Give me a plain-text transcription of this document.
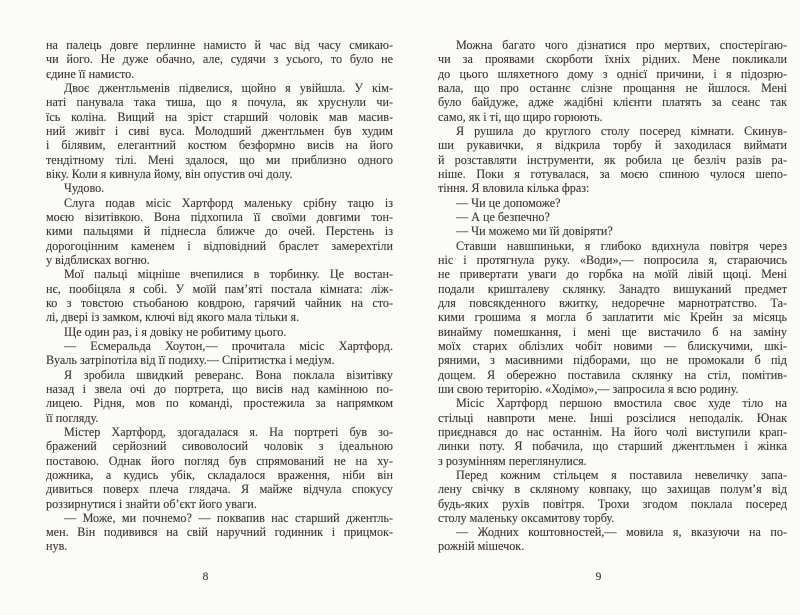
на палець довге перлинне намисто й час від часу смикаю-
чи його. Не дуже обачно, але, судячи з усього, то було не
єдине її намисто.
Двоє джентльменів підвелися, щойно я увійшла. У кім-
наті панувала така тиша, що я почула, як хруснули чи-
їсь коліна. Вищий на зріст старший чоловік мав масив-
ний живіт і сиві вуса. Молодший джентльмен був худим
і білявим, елегантний костюм безформно висів на його
тендітному тілі. Мені здалося, що ми приблизно одного
віку. Коли я кивнула йому, він опустив очі долу.
Чудово.
Слуга подав місіс Хартфорд маленьку срібну тацю із
моєю візитівкою. Вона підхопила її своїми довгими тон-
кими пальцями й піднесла ближче до очей. Перстень із
дорогоцінним каменем і відповідний браслет замерехтіли
у відблисках вогню.
Мої пальці міцніше вчепилися в торбинку. Це востан-
нє, пообіцяла я собі. У моїй пам’яті постала кімната: ліж-
ко з товстою стьобаною ковдрою, гарячий чайник на сто-
лі, двері із замком, ключі від якого мала тільки я.
Ще один раз, і я довіку не робитиму цього.
— Есмеральда Хоутон,— прочитала місіс Хартфорд.
Вуаль затріпотіла від її подиху.— Спіритистка і медіум.
Я зробила швидкий реверанс. Вона поклала візитівку
назад і звела очі до портрета, що висів над камінною по-
лицею. Рідня, мов по команді, простежила за напрямком
її погляду.
Містер Хартфорд, здогадалася я. На портреті був зо-
бражений серйозний сивоволосий чоловік з ідеальною
поставою. Однак його погляд був спрямований не на ху-
дожника, а кудись убік, складалося враження, ніби він
дивиться поверх плеча глядача. Я майже відчула спокусу
роззирнутися і знайти об’єкт його уваги.
— Може, ми почнемо? — поквапив нас старший джентль-
мен. Він подивився на свій наручний годинник і прицмок-
нув.
8
Можна багато чого дізнатися про мертвих, спостерігаю-
чи за проявами скорботи їхніх рідних. Мене покликали
до цього шляхетного дому з однієї причини, і я підозрю-
вала, що про останнє слізне прощання не йшлося. Мені
було байдуже, адже жадібні клієнти платять за сеанс так
само, як і ті, що щиро горюють.
Я рушила до круглого столу посеред кімнати. Скинув-
ши рукавички, я відкрила торбу й заходилася виймати
й розставляти інструменти, як робила це безліч разів ра-
ніше. Поки я готувалася, за моєю спиною чулося шепо-
тіння. Я вловила кілька фраз:
— Чи це допоможе?
— А це безпечно?
— Чи можемо ми їй довіряти?
Ставши навшпиньки, я глибоко вдихнула повітря через
ніс і протягнула руку. «Води»,— попросила я, стараючись
не привертати уваги до горбка на моїй лівій щоці. Мені
подали кришталеву склянку. Занадто вишуканий предмет
для повсякденного вжитку, недоречне марнотратство. Та-
кими грошима я могла б заплатити міс Крейн за місяць
винайму помешкання, і мені ще вистачило б на заміну
моїх старих облізлих чобіт новими — блискучими, шкі-
ряними, з масивними підборами, що не промокали б під
дощем. Я обережно поставила склянку на стіл, помітив-
ши свою територію. «Ходімо»,— запросила я всю родину.
Місіс Хартфорд першою вмостила своє худе тіло на
стільці навпроти мене. Інші розсілися неподалік. Юнак
приєднався до нас останнім. На його чолі виступили крап-
линки поту. Я побачила, що старший джентльмен і жінка
з розумінням переглянулися.
Перед кожним стільцем я поставила невеличку запа-
лену свічку в скляному ковпаку, що захищав полум’я від
будь-яких рухів повітря. Трохи згодом поклала посеред
столу маленьку оксамитову торбу.
— Жодних коштовностей,— мовила я, вказуючи на по-
рожній мішечок.
9
